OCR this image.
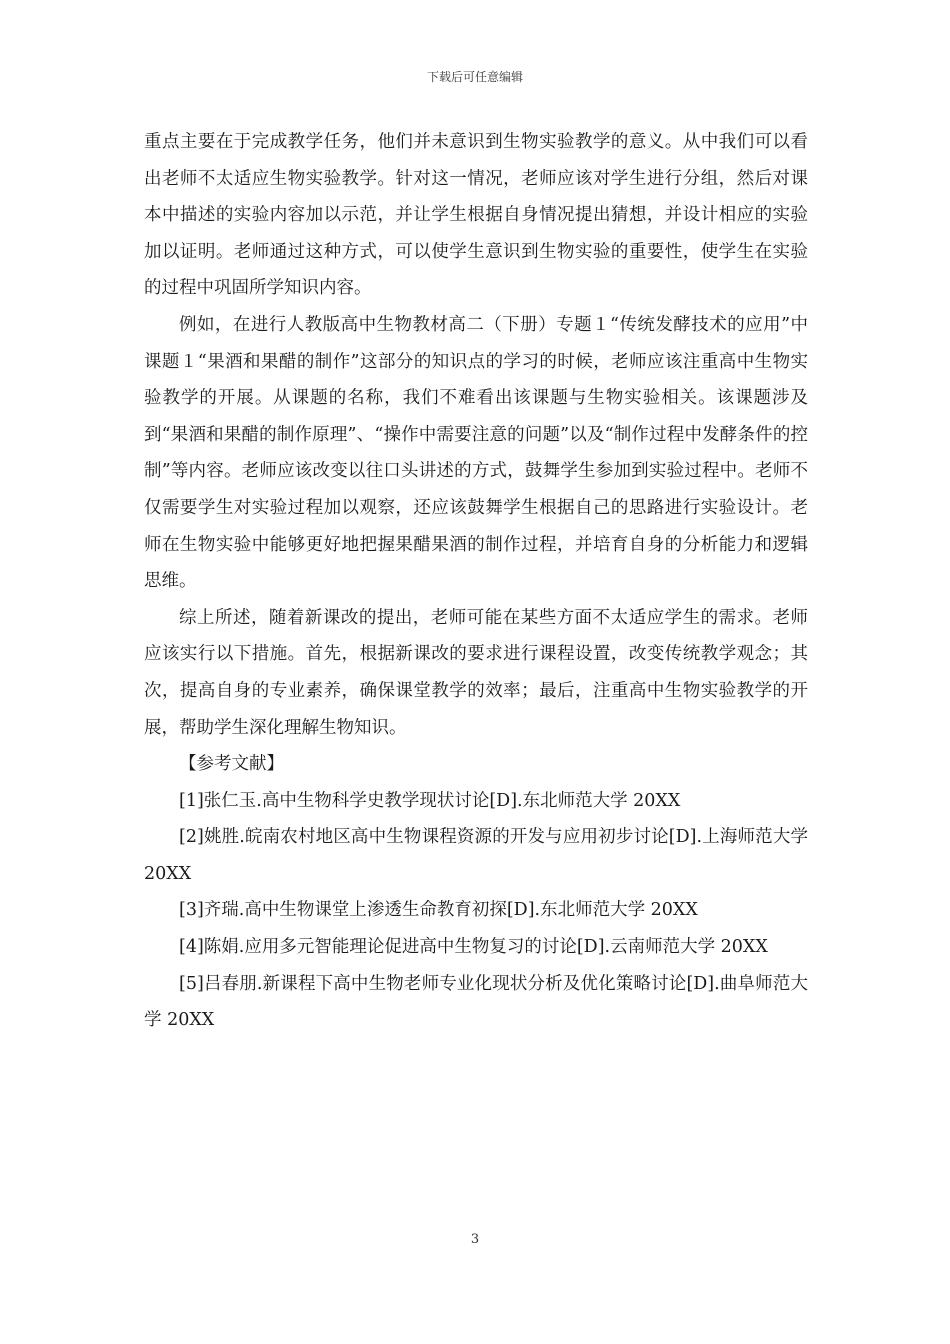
下载后可任意编辑

重点主要在于完成教学任务，他们并未意识到生物实验教学的意义。从中我们可以看出老师不太适应生物实验教学。针对这一情况，老师应该对学生进行分组，然后对课本中描述的实验内容加以示范，并让学生根据自身情况提出猜想，并设计相应的实验加以证明。老师通过这种方式，可以使学生意识到生物实验的重要性，使学生在实验的过程中巩固所学知识内容。

例如，在进行人教版高中生物教材高二（下册）专题１“传统发酵技术的应用”中课题１“果酒和果醋的制作”这部分的知识点的学习的时候，老师应该注重高中生物实验教学的开展。从课题的名称，我们不难看出该课题与生物实验相关。该课题涉及到“果酒和果醋的制作原理”、“操作中需要注意的问题”以及“制作过程中发酵条件的控制”等内容。老师应该改变以往口头讲述的方式，鼓舞学生参加到实验过程中。老师不仅需要学生对实验过程加以观察，还应该鼓舞学生根据自己的思路进行实验设计。老师在生物实验中能够更好地把握果醋果酒的制作过程，并培育自身的分析能力和逻辑思维。

综上所述，随着新课改的提出，老师可能在某些方面不太适应学生的需求。老师应该实行以下措施。首先，根据新课改的要求进行课程设置，改变传统教学观念；其次，提高自身的专业素养，确保课堂教学的效率；最后，注重高中生物实验教学的开展，帮助学生深化理解生物知识。

【参考文献】

[1]张仁玉.高中生物科学史教学现状讨论[D].东北师范大学 20XX

[2]姚胜.皖南农村地区高中生物课程资源的开发与应用初步讨论[D].上海师范大学 20XX

[3]齐瑞.高中生物课堂上渗透生命教育初探[D].东北师范大学 20XX

[4]陈娟.应用多元智能理论促进高中生物复习的讨论[D].云南师范大学 20XX

[5]吕春朋.新课程下高中生物老师专业化现状分析及优化策略讨论[D].曲阜师范大学 20XX

3
